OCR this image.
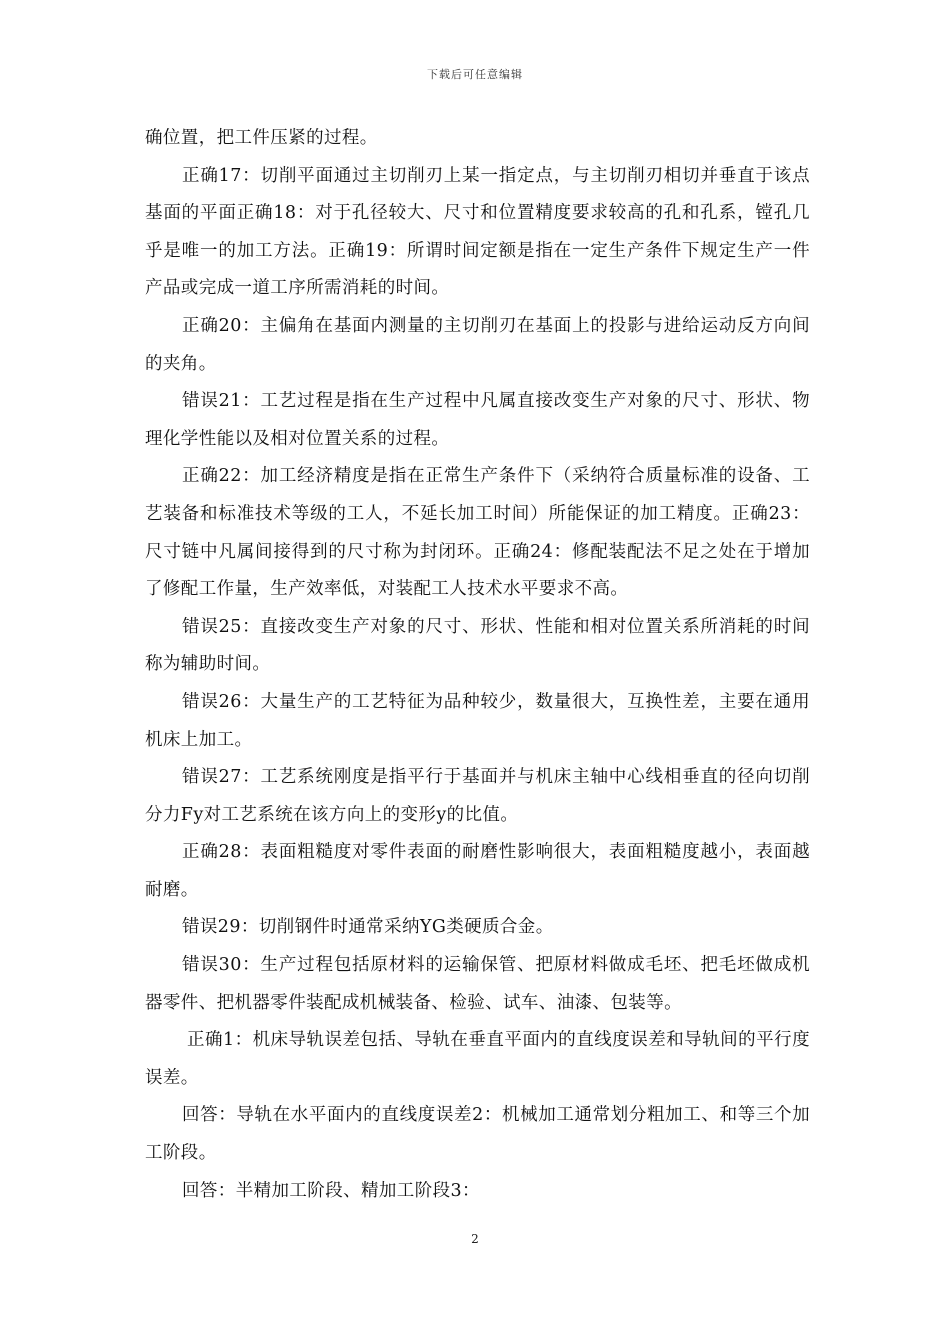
下载后可任意编辑

确位置，把工件压紧的过程。

正确17：切削平面通过主切削刃上某一指定点，与主切削刃相切并垂直于该点基面的平面正确18：对于孔径较大、尺寸和位置精度要求较高的孔和孔系，镗孔几乎是唯一的加工方法。正确19：所谓时间定额是指在一定生产条件下规定生产一件产品或完成一道工序所需消耗的时间。

正确20：主偏角在基面内测量的主切削刃在基面上的投影与进给运动反方向间的夹角。

错误21：工艺过程是指在生产过程中凡属直接改变生产对象的尺寸、形状、物理化学性能以及相对位置关系的过程。

正确22：加工经济精度是指在正常生产条件下（采纳符合质量标准的设备、工艺装备和标准技术等级的工人，不延长加工时间）所能保证的加工精度。正确23：尺寸链中凡属间接得到的尺寸称为封闭环。正确24：修配装配法不足之处在于增加了修配工作量，生产效率低，对装配工人技术水平要求不高。

错误25：直接改变生产对象的尺寸、形状、性能和相对位置关系所消耗的时间称为辅助时间。

错误26：大量生产的工艺特征为品种较少，数量很大，互换性差，主要在通用机床上加工。

错误27：工艺系统刚度是指平行于基面并与机床主轴中心线相垂直的径向切削分力Fy对工艺系统在该方向上的变形y的比值。

正确28：表面粗糙度对零件表面的耐磨性影响很大，表面粗糙度越小，表面越耐磨。

错误29：切削钢件时通常采纳YG类硬质合金。

错误30：生产过程包括原材料的运输保管、把原材料做成毛坯、把毛坯做成机器零件、把机器零件装配成机械装备、检验、试车、油漆、包装等。

正确1：机床导轨误差包括、导轨在垂直平面内的直线度误差和导轨间的平行度误差。

回答：导轨在水平面内的直线度误差2：机械加工通常划分粗加工、和等三个加工阶段。

回答：半精加工阶段、精加工阶段3：

2
